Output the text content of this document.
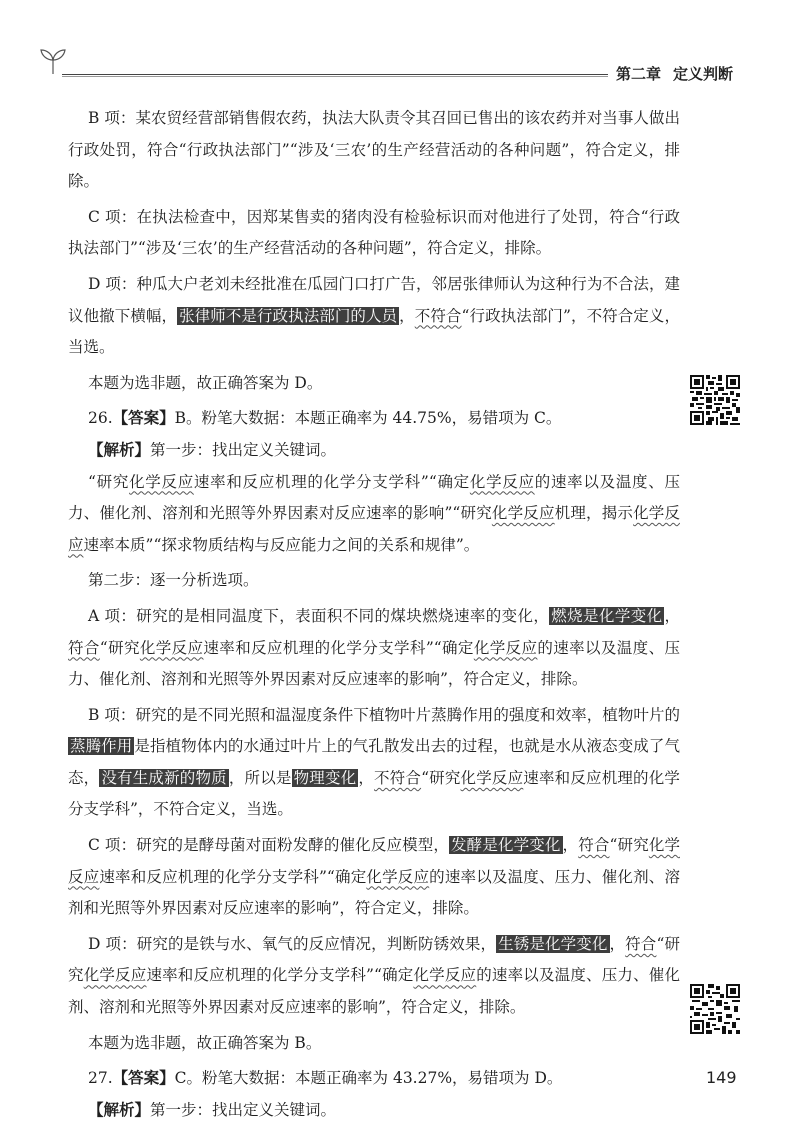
第二章 定义判断

B 项：某农贸经营部销售假农药，执法大队责令其召回已售出的该农药并对当事人做出行政处罚，符合“行政执法部门”“涉及‘三农’的生产经营活动的各种问题”，符合定义，排除。

C 项：在执法检查中，因郑某售卖的猪肉没有检验标识而对他进行了处罚，符合“行政执法部门”“涉及‘三农’的生产经营活动的各种问题”，符合定义，排除。

D 项：种瓜大户老刘未经批准在瓜园门口打广告，邻居张律师认为这种行为不合法，建议他撤下横幅， 张律师不是行政执法部门的人员 ，不符合“行政执法部门”，不符合定义，当选。

本题为选非题，故正确答案为 D。

26.【答案】B。粉笔大数据：本题正确率为 44.75%，易错项为 C。

【解析】第一步：找出定义关键词。

“研究化学反应速率和反应机理的化学分支学科”“确定化学反应的速率以及温度、压力、催化剂、溶剂和光照等外界因素对反应速率的影响”“研究化学反应机理，揭示化学反应速率本质”“探求物质结构与反应能力之间的关系和规律”。

第二步：逐一分析选项。

A 项：研究的是相同温度下，表面积不同的煤块燃烧速率的变化， 燃烧是化学变化 ，符合“研究化学反应速率和反应机理的化学分支学科”“确定化学反应的速率以及温度、压力、催化剂、溶剂和光照等外界因素对反应速率的影响”，符合定义，排除。

B 项：研究的是不同光照和温湿度条件下植物叶片蒸腾作用的强度和效率，植物叶片的蒸腾作用 是指植物体内的水通过叶片上的气孔散发出去的过程，也就是水从液态变成了气态， 没有生成新的物质 ，所以是 物理变化 ，不符合“研究化学反应速率和反应机理的化学分支学科”，不符合定义，当选。

C 项：研究的是酵母菌对面粉发酵的催化反应模型， 发酵是化学变化 ，符合“研究化学反应速率和反应机理的化学分支学科”“确定化学反应的速率以及温度、压力、催化剂、溶剂和光照等外界因素对反应速率的影响”，符合定义，排除。

D 项：研究的是铁与水、氧气的反应情况，判断防锈效果， 生锈是化学变化 ，符合“研究化学反应速率和反应机理的化学分支学科”“确定化学反应的速率以及温度、压力、催化剂、溶剂和光照等外界因素对反应速率的影响”，符合定义，排除。

本题为选非题，故正确答案为 B。

27.【答案】C。粉笔大数据：本题正确率为 43.27%，易错项为 D。

【解析】第一步：找出定义关键词。

149
